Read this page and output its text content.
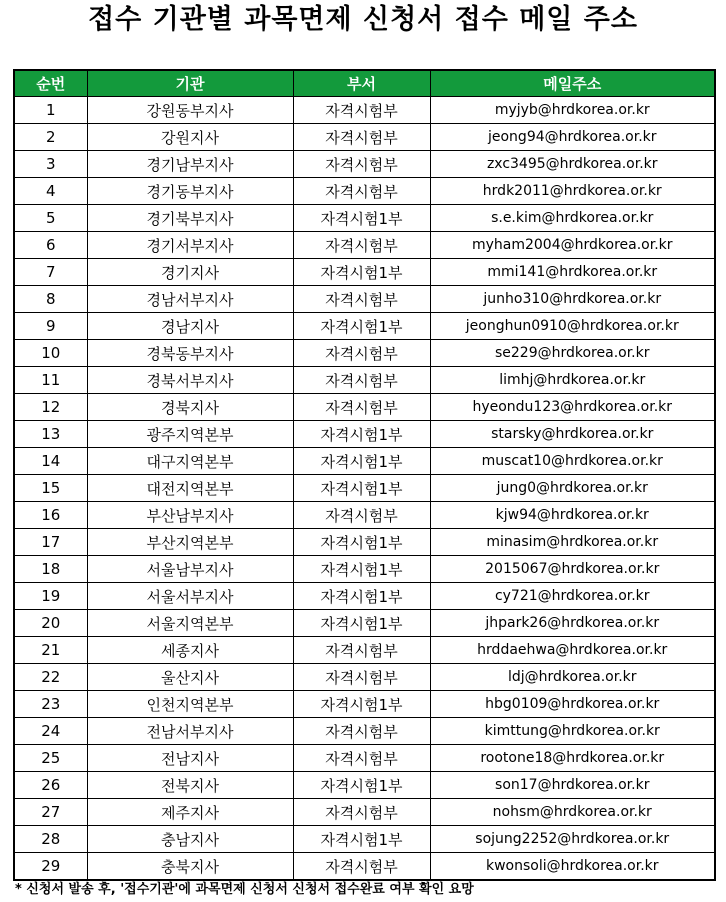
접수 기관별 과목면제 신청서 접수 메일 주소
순번	기관	부서	메일주소
1	강원동부지사	자격시험부	myjyb@hrdkorea.or.kr
2	강원지사	자격시험부	jeong94@hrdkorea.or.kr
3	경기남부지사	자격시험부	zxc3495@hrdkorea.or.kr
4	경기동부지사	자격시험부	hrdk2011@hrdkorea.or.kr
5	경기북부지사	자격시험1부	s.e.kim@hrdkorea.or.kr
6	경기서부지사	자격시험부	myham2004@hrdkorea.or.kr
7	경기지사	자격시험1부	mmi141@hrdkorea.or.kr
8	경남서부지사	자격시험부	junho310@hrdkorea.or.kr
9	경남지사	자격시험1부	jeonghun0910@hrdkorea.or.kr
10	경북동부지사	자격시험부	se229@hrdkorea.or.kr
11	경북서부지사	자격시험부	limhj@hrdkorea.or.kr
12	경북지사	자격시험부	hyeondu123@hrdkorea.or.kr
13	광주지역본부	자격시험1부	starsky@hrdkorea.or.kr
14	대구지역본부	자격시험1부	muscat10@hrdkorea.or.kr
15	대전지역본부	자격시험1부	jung0@hrdkorea.or.kr
16	부산남부지사	자격시험부	kjw94@hrdkorea.or.kr
17	부산지역본부	자격시험1부	minasim@hrdkorea.or.kr
18	서울남부지사	자격시험1부	2015067@hrdkorea.or.kr
19	서울서부지사	자격시험1부	cy721@hrdkorea.or.kr
20	서울지역본부	자격시험1부	jhpark26@hrdkorea.or.kr
21	세종지사	자격시험부	hrddaehwa@hrdkorea.or.kr
22	울산지사	자격시험부	ldj@hrdkorea.or.kr
23	인천지역본부	자격시험1부	hbg0109@hrdkorea.or.kr
24	전남서부지사	자격시험부	kimttung@hrdkorea.or.kr
25	전남지사	자격시험부	rootone18@hrdkorea.or.kr
26	전북지사	자격시험1부	son17@hrdkorea.or.kr
27	제주지사	자격시험부	nohsm@hrdkorea.or.kr
28	충남지사	자격시험1부	sojung2252@hrdkorea.or.kr
29	충북지사	자격시험부	kwonsoli@hrdkorea.or.kr
* 신청서 발송 후, '접수기관'에 과목면제 신청서 신청서 접수완료 여부 확인 요망
